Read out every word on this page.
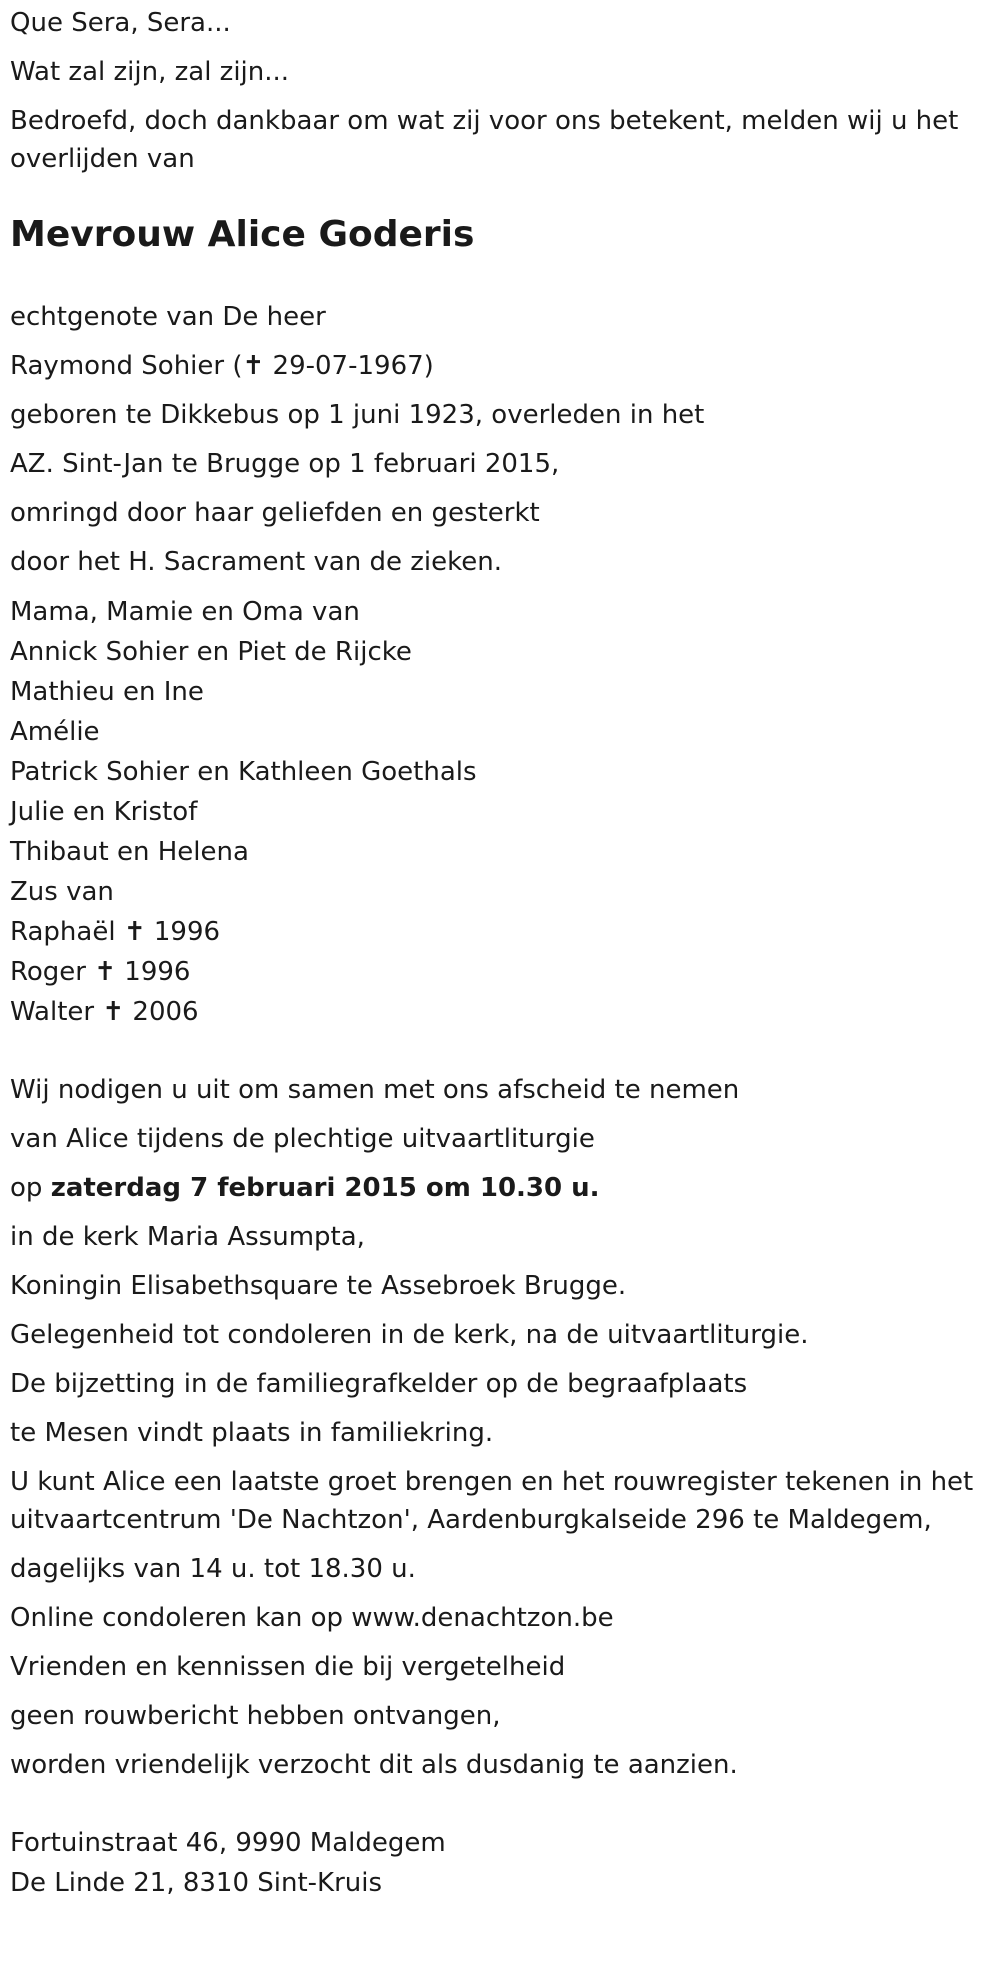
Que Sera, Sera...

Wat zal zijn, zal zijn...

Bedroefd, doch dankbaar om wat zij voor ons betekent, melden wij u het overlijden van

Mevrouw Alice Goderis

echtgenote van De heer

Raymond Sohier (✝ 29-07-1967)

geboren te Dikkebus op 1 juni 1923, overleden in het

AZ. Sint-Jan te Brugge op 1 februari 2015,

omringd door haar geliefden en gesterkt

door het H. Sacrament van de zieken.

Mama, Mamie en Oma van
Annick Sohier en Piet de Rijcke
Mathieu en Ine
Amélie
Patrick Sohier en Kathleen Goethals
Julie en Kristof
Thibaut en Helena
Zus van
Raphaël ✝ 1996
Roger ✝ 1996
Walter ✝ 2006

Wij nodigen u uit om samen met ons afscheid te nemen

van Alice tijdens de plechtige uitvaartliturgie

op zaterdag 7 februari 2015 om 10.30 u.

in de kerk Maria Assumpta,

Koningin Elisabethsquare te Assebroek Brugge.

Gelegenheid tot condoleren in de kerk, na de uitvaartliturgie.

De bijzetting in de familiegrafkelder op de begraafplaats

te Mesen vindt plaats in familiekring.

U kunt Alice een laatste groet brengen en het rouwregister tekenen in het uitvaartcentrum 'De Nachtzon', Aardenburgkalseide 296 te Maldegem,

dagelijks van 14 u. tot 18.30 u.

Online condoleren kan op www.denachtzon.be

Vrienden en kennissen die bij vergetelheid

geen rouwbericht hebben ontvangen,

worden vriendelijk verzocht dit als dusdanig te aanzien.

Fortuinstraat 46, 9990 Maldegem
De Linde 21, 8310 Sint-Kruis
